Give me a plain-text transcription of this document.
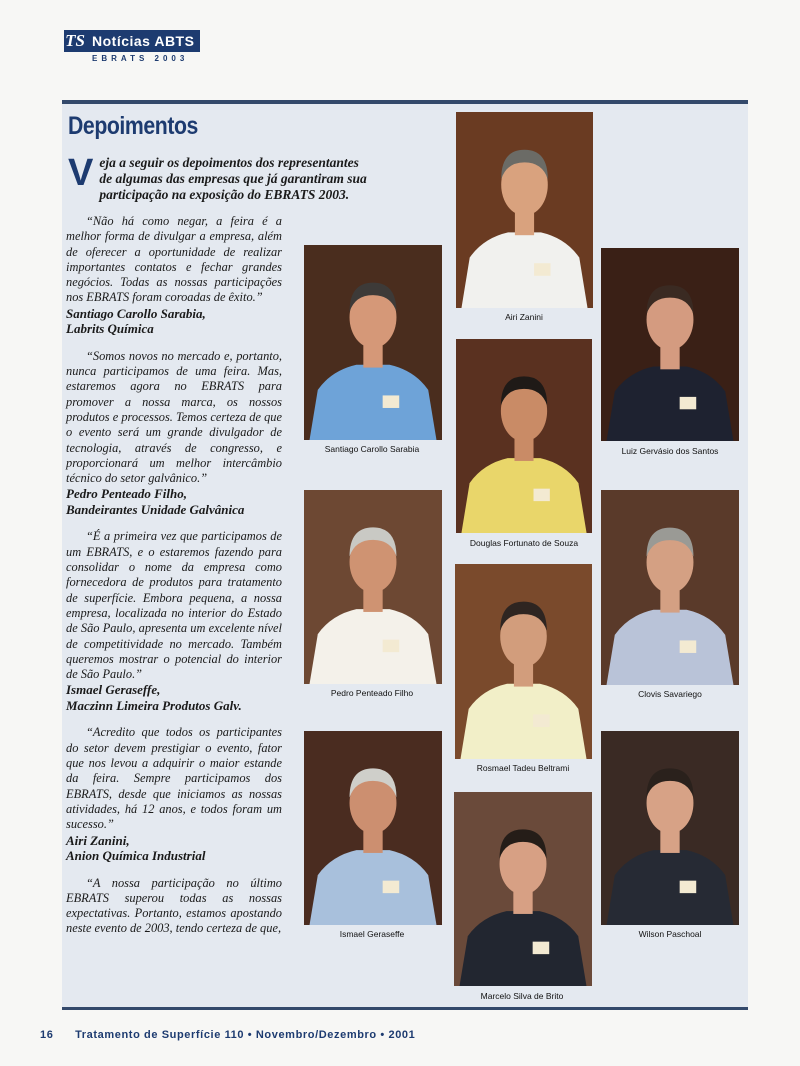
TS Notícias ABTS
EBRATS 2003
Depoimentos
V eja a seguir os depoimentos dos representantes de algumas das empresas que já garantiram sua participação na exposição do EBRATS 2003.

“Não há como negar, a feira é a melhor forma de divulgar a empresa, além de oferecer a oportunidade de realizar importantes contatos e fechar grandes negócios. Todas as nossas participações nos EBRATS foram coroadas de êxito.”

Santiago Carollo Sarabia,
Labrits Química

“Somos novos no mercado e, portanto, nunca participamos de uma feira. Mas, estaremos agora no EBRATS para promover a nossa marca, os nossos produtos e processos. Temos certeza de que o evento será um grande divulgador de tecnologia, através de congresso, e proporcionará um melhor intercâmbio técnico do setor galvânico.”

Pedro Penteado Filho,
Bandeirantes Unidade Galvânica

“É a primeira vez que participamos de um EBRATS, e o estaremos fazendo para consolidar o nome da empresa como fornecedora de produtos para tratamento de superfície. Embora pequena, a nossa empresa, localizada no interior do Estado de São Paulo, apresenta um excelente nível de competitividade no mercado. Também queremos mostrar o potencial do interior de São Paulo.”

Ismael Geraseffe,
Maczinn Limeira Produtos Galv.

“Acredito que todos os participantes do setor devem prestigiar o evento, fator que nos levou a adquirir o maior estande da feira. Sempre participamos dos EBRATS, desde que iniciamos as nossas atividades, há 12 anos, e todos foram um sucesso.”

Airi Zanini,
Anion Química Industrial

“A nossa participação no último EBRATS superou todas as nossas expectativas. Portanto, estamos apostando neste evento de 2003, tendo certeza de que,

Airi Zanini
Santiago Carollo Sarabia	Luiz Gervásio dos Santos
Douglas Fortunato de Souza
Pedro Penteado Filho	Clovis Savariego
Rosmael Tadeu Beltrami
Ismael Geraseffe
Marcelo Silva de Brito
Wilson Paschoal
16 Tratamento de Superfície 110 • Novembro/Dezembro • 2001
